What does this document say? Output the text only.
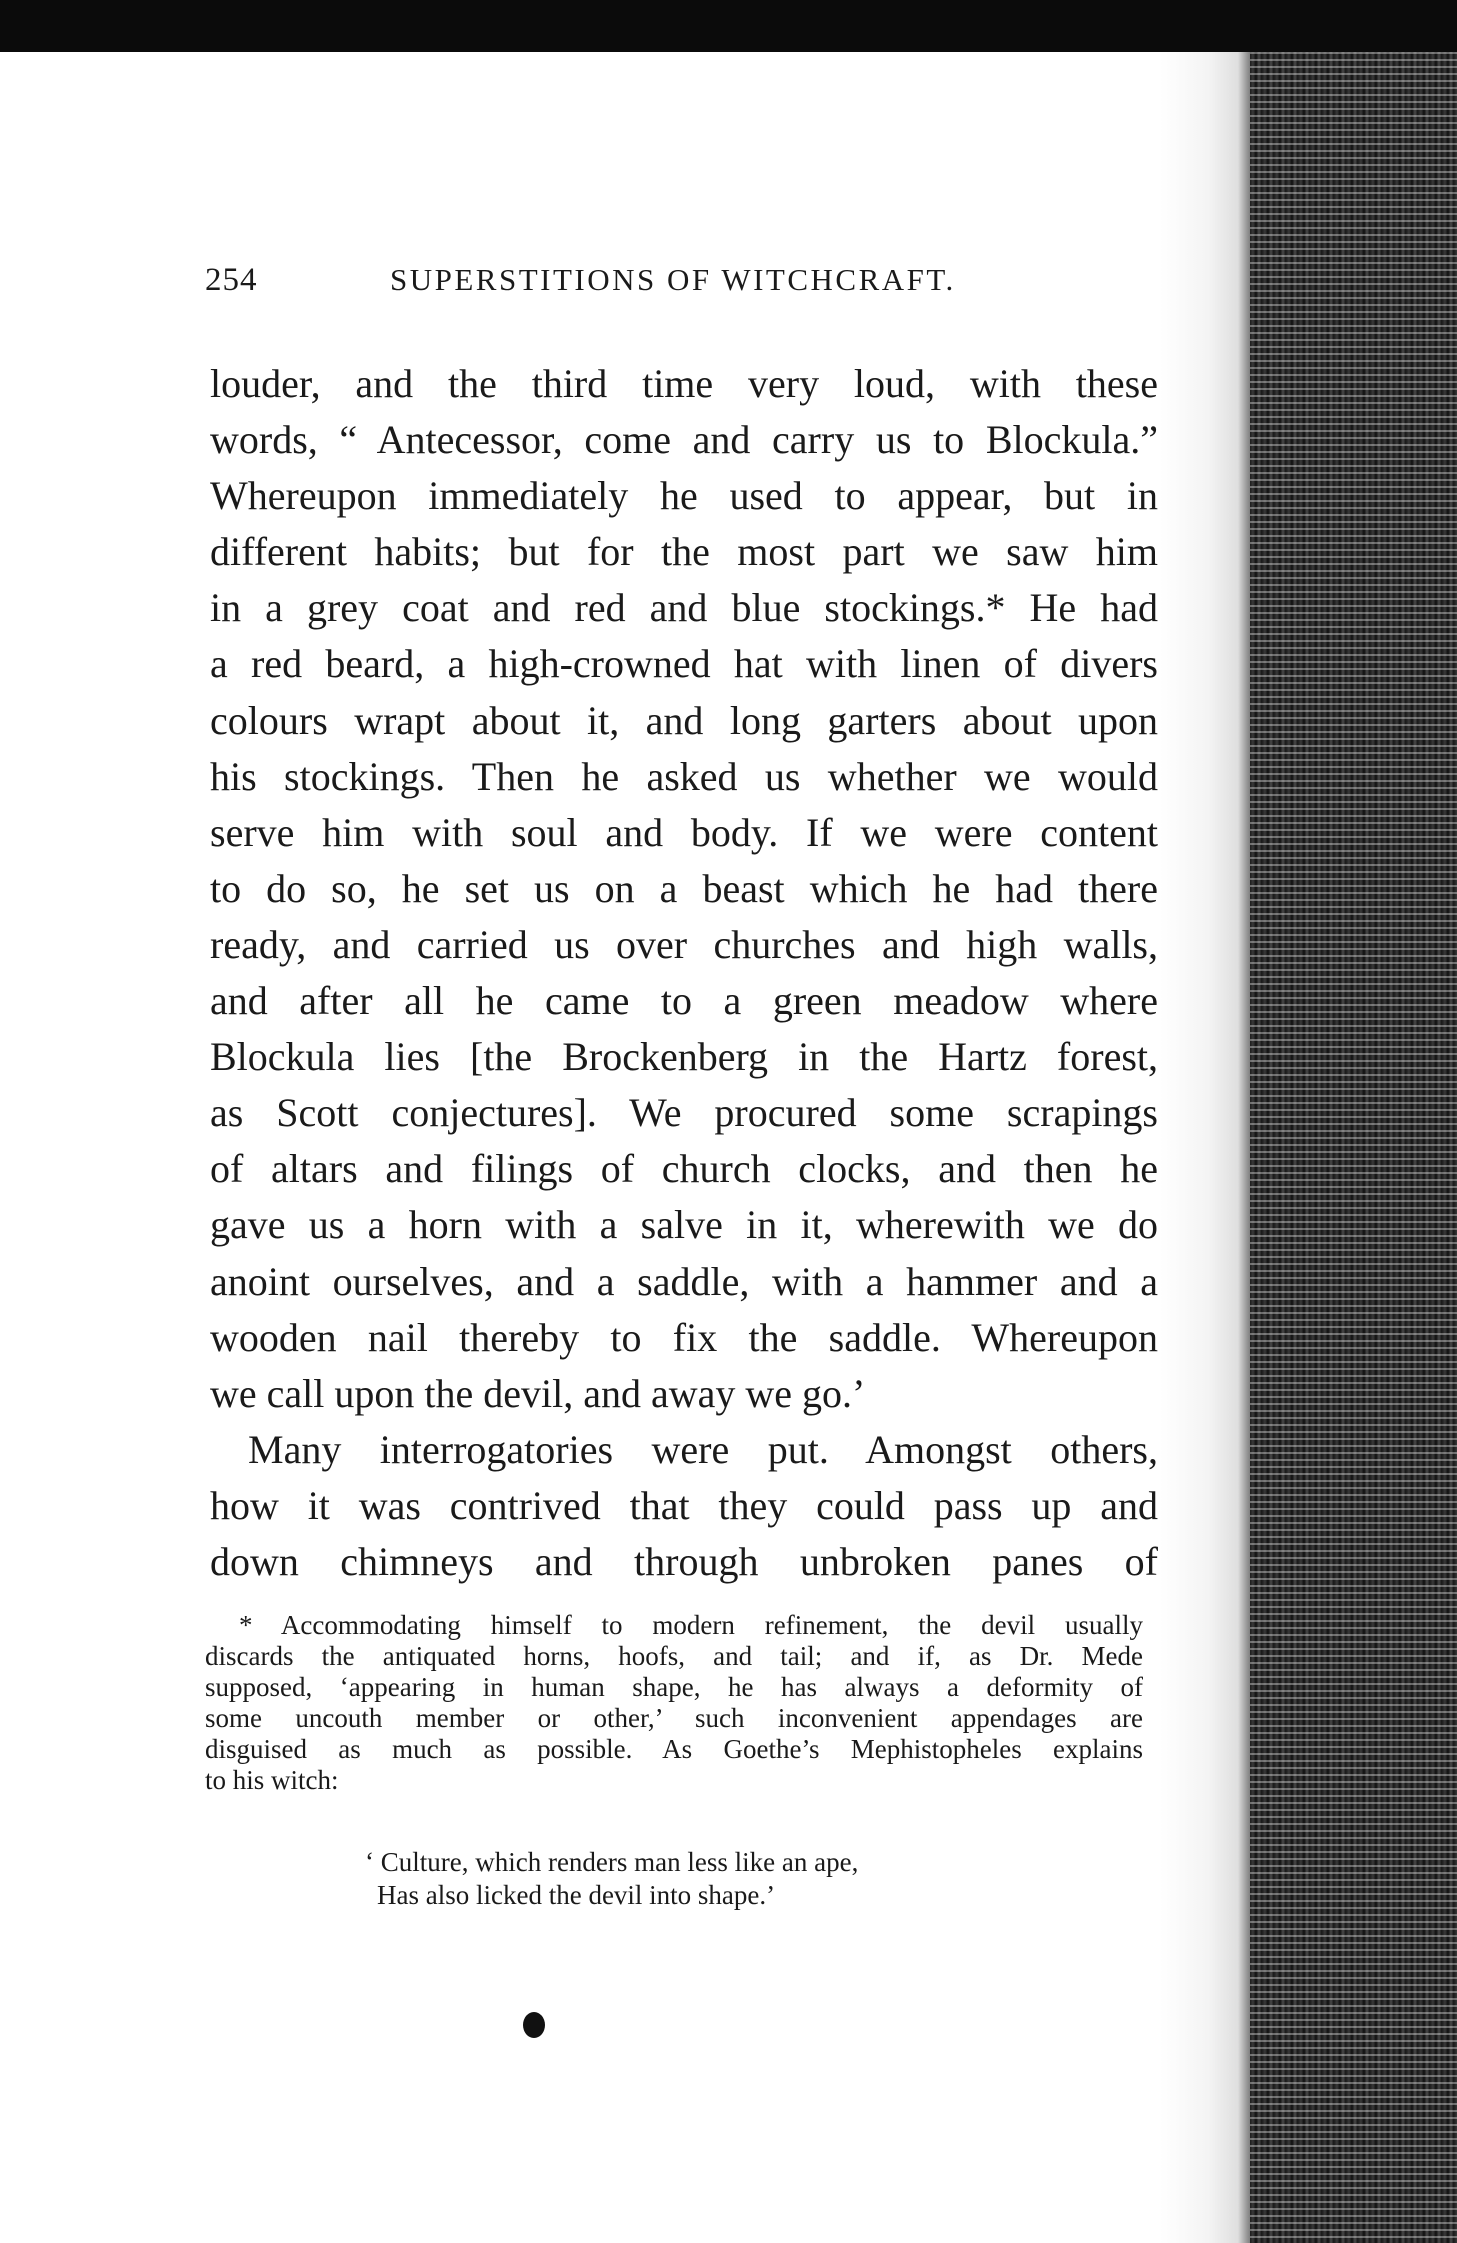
254	SUPERSTITIONS OF WITCHCRAFT.
louder, and the third time very loud, with these
words, “ Antecessor, come and carry us to Blockula.”
Whereupon immediately he used to appear, but in
different habits; but for the most part we saw him
in a grey coat and red and blue stockings.* He had
a red beard, a high-crowned hat with linen of divers
colours wrapt about it, and long garters about upon
his stockings. Then he asked us whether we would
serve him with soul and body. If we were content
to do so, he set us on a beast which he had there
ready, and carried us over churches and high walls,
and after all he came to a green meadow where
Blockula lies [the Brockenberg in the Hartz forest,
as Scott conjectures]. We procured some scrapings
of altars and filings of church clocks, and then he
gave us a horn with a salve in it, wherewith we do
anoint ourselves, and a saddle, with a hammer and a
wooden nail thereby to fix the saddle. Whereupon
we call upon the devil, and away we go.’
Many interrogatories were put. Amongst others,
how it was contrived that they could pass up and
down chimneys and through unbroken panes of
* Accommodating himself to modern refinement, the devil usually
discards the antiquated horns, hoofs, and tail; and if, as Dr. Mede
supposed, ‘appearing in human shape, he has always a deformity of
some uncouth member or other,’ such inconvenient appendages are
disguised as much as possible. As Goethe’s Mephistopheles explains
to his witch:
‘ Culture, which renders man less like an ape,
Has also licked the devil into shape.’
